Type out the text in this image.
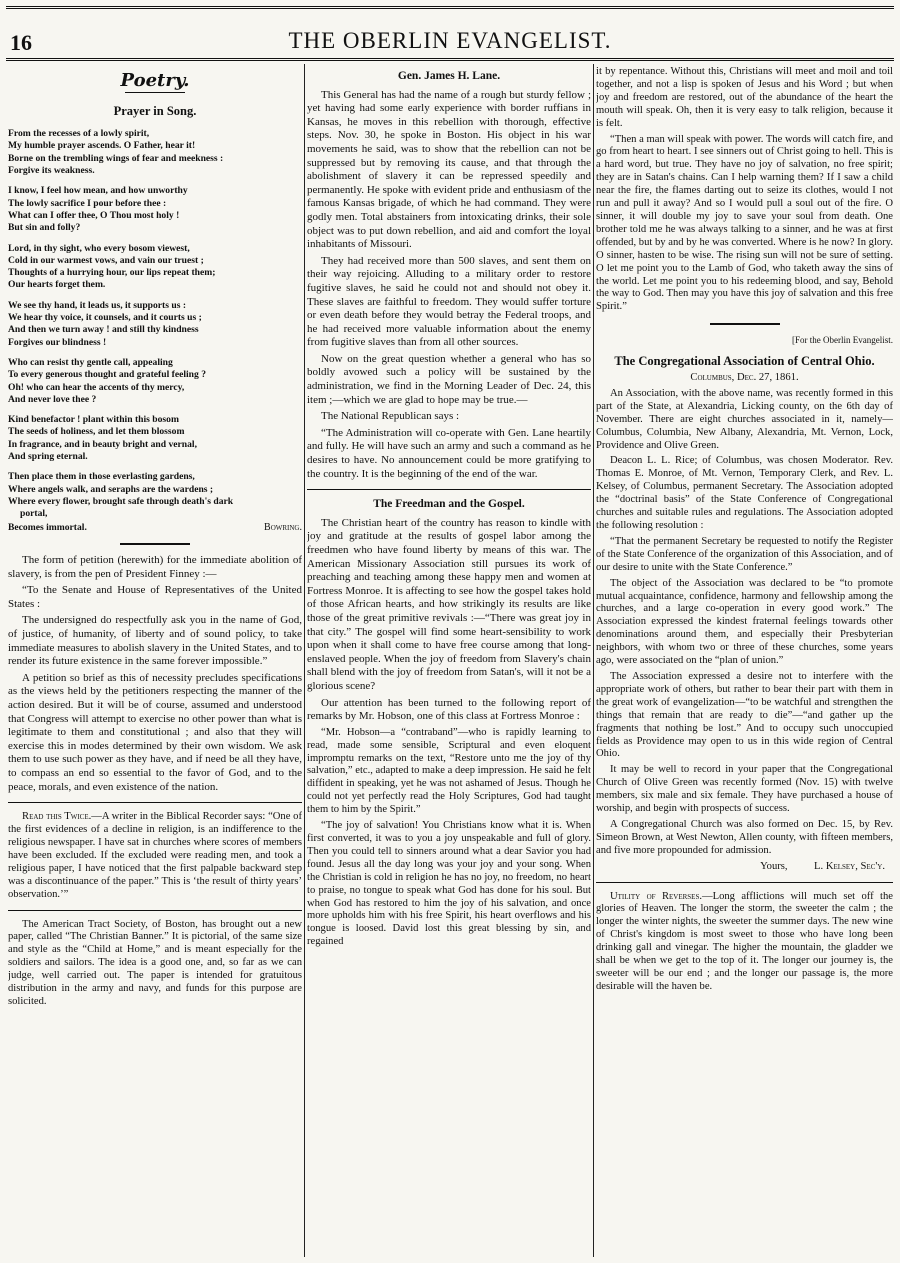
16	THE OBERLIN EVANGELIST.
Poetry.
Prayer in Song.
From the recesses of a lowly spirit,
My humble prayer ascends. O Father, hear it!
Borne on the trembling wings of fear and meekness :
Forgive its weakness.
I know, I feel how mean, and how unworthy
The lowly sacrifice I pour before thee :
What can I offer thee, O Thou most holy !
But sin and folly?
Lord, in thy sight, who every bosom viewest,
Cold in our warmest vows, and vain our truest ;
Thoughts of a hurrying hour, our lips repeat them;
Our hearts forget them.
We see thy hand, it leads us, it supports us :
We hear thy voice, it counsels, and it courts us ;
And then we turn away ! and still thy kindness
Forgives our blindness !
Who can resist thy gentle call, appealing
To every generous thought and grateful feeling ?
Oh! who can hear the accents of thy mercy,
And never love thee ?
Kind benefactor ! plant within this bosom
The seeds of holiness, and let them blossom
In fragrance, and in beauty bright and vernal,
And spring eternal.
Then place them in those everlasting gardens,
Where angels walk, and seraphs are the wardens ;
Where every flower, brought safe through death's dark
portal,
Becomes immortal.	Bowring.

The form of petition (herewith) for the immediate abolition of slavery, is from the pen of President Finney :—

“To the Senate and House of Representatives of the United States :

The undersigned do respectfully ask you in the name of God, of justice, of humanity, of liberty and of sound policy, to take immediate measures to abolish slavery in the United States, and to render its future existence in the same forever impossible.”

A petition so brief as this of necessity precludes specifications as the views held by the petitioners respecting the manner of the action desired. But it will be of course, assumed and understood that Congress will attempt to exercise no other power than what is legitimate to them and constitutional ; and also that they will exercise this in modes determined by their own wisdom. We ask them to use such power as they have, and if need be all they have, to compass an end so essential to the favor of God, and to the peace, morals, and even existence of the nation.

Read this Twice.—A writer in the Biblical Recorder says: “One of the first evidences of a decline in religion, is an indifference to the religious newspaper. I have sat in churches where scores of members have been excluded. If the excluded were reading men, and took a religious paper, I have noticed that the first palpable backward step was a discontinuance of the paper.” This is ‘the result of thirty years’ observation.’”

The American Tract Society, of Boston, has brought out a new paper, called “The Christian Banner.” It is pictorial, of the same size and style as the “Child at Home,” and is meant especially for the soldiers and sailors. The idea is a good one, and, so far as we can judge, well carried out. The paper is intended for gratuitous distribution in the army and navy, and funds for this purpose are solicited.

Gen. James H. Lane.

This General has had the name of a rough but sturdy fellow ; yet having had some early experience with border ruffians in Kansas, he moves in this rebellion with thorough, effective steps. Nov. 30, he spoke in Boston. His object in his war movements he said, was to show that the rebellion can not be suppressed but by removing its cause, and that through the abolishment of slavery it can be repressed speedily and permanently. He spoke with evident pride and enthusiasm of the famous Kansas brigade, of which he had command. They were godly men. Total abstainers from intoxicating drinks, their sole object was to put down rebellion, and aid and comfort the loyal inhabitants of Missouri.

They had received more than 500 slaves, and sent them on their way rejoicing. Alluding to a military order to restore fugitive slaves, he said he could not and should not obey it. These slaves are faithful to freedom. They would suffer torture or even death before they would betray the Federal troops, and he had received more valuable information about the enemy from fugitive slaves than from all other sources.

Now on the great question whether a general who has so boldly avowed such a policy will be sustained by the administration, we find in the Morning Leader of Dec. 24, this item ;—which we are glad to hope may be true.—

The National Republican says :

“The Administration will co-operate with Gen. Lane heartily and fully. He will have such an army and such a command as he desires to have. No announcement could be more gratifying to the country. It is the beginning of the end of the war.

The Freedman and the Gospel.

The Christian heart of the country has reason to kindle with joy and gratitude at the results of gospel labor among the freedmen who have found liberty by means of this war. The American Missionary Association still pursues its work of preaching and teaching among these happy men and women at Fortress Monroe. It is affecting to see how the gospel takes hold of those African hearts, and how strikingly its results are like those of the great primitive revivals :—“There was great joy in that city.” The gospel will find some heart-sensibility to work upon when it shall come to have free course among that long-enslaved people. When the joy of freedom from Slavery's chain shall blend with the joy of freedom from Satan's, will it not be a glorious scene?

Our attention has been turned to the following report of remarks by Mr. Hobson, one of this class at Fortress Monroe :

“Mr. Hobson—a “contraband”—who is rapidly learning to read, made some sensible, Scriptural and even eloquent impromptu remarks on the text, “Restore unto me the joy of thy salvation,” etc., adapted to make a deep impression. He said he felt diffident in speaking, yet he was not ashamed of Jesus. Though he could not yet perfectly read the Holy Scriptures, God had taught them to him by the Spirit.”

“The joy of salvation! You Christians know what it is. When first converted, it was to you a joy unspeakable and full of glory. Then you could tell to sinners around what a dear Savior you had found. Jesus all the day long was your joy and your song. When the Christian is cold in religion he has no joy, no freedom, no heart to praise, no tongue to speak what God has done for his soul. But when God has restored to him the joy of his salvation, and once more upholds him with his free Spirit, his heart overflows and his tongue is loosed. David lost this great blessing by sin, and regained

it by repentance. Without this, Christians will meet and moil and toil together, and not a lisp is spoken of Jesus and his Word ; but when joy and freedom are restored, out of the abundance of the heart the mouth will speak. Oh, then it is very easy to talk religion, because it is felt.

“Then a man will speak with power. The words will catch fire, and go from heart to heart. I see sinners out of Christ going to hell. This is a hard word, but true. They have no joy of salvation, no free spirit; they are in Satan's chains. Can I help warning them? If I saw a child near the fire, the flames darting out to seize its clothes, would I not run and pull it away? And so I would pull a soul out of the fire. O sinner, it will double my joy to save your soul from death. One brother told me he was always talking to a sinner, and he was at first offended, but by and by he was converted. Where is he now? In glory. O sinner, hasten to be wise. The rising sun will not be sure of setting. O let me point you to the Lamb of God, who taketh away the sins of the world. Let me point you to his redeeming blood, and say, Behold the way to God. Then may you have this joy of salvation and this free Spirit.”

[For the Oberlin Evangelist.
The Congregational Association of Central Ohio.
Columbus, Dec. 27, 1861.

An Association, with the above name, was recently formed in this part of the State, at Alexandria, Licking county, on the 6th day of November. There are eight churches associated in it, namely—Columbus, Columbia, New Albany, Alexandria, Mt. Vernon, Lock, Providence and Olive Green.

Deacon L. L. Rice; of Columbus, was chosen Moderator. Rev. Thomas E. Monroe, of Mt. Vernon, Temporary Clerk, and Rev. L. Kelsey, of Columbus, permanent Secretary. The Association adopted the “doctrinal basis” of the State Conference of Congregational churches and suitable rules and regulations. The Association adopted the following resolution :

“That the permanent Secretary be requested to notify the Register of the State Conference of the organization of this Association, and of our desire to unite with the State Conference.”

The object of the Association was declared to be “to promote mutual acquaintance, confidence, harmony and fellowship among the churches, and a large co-operation in every good work.” The Association expressed the kindest fraternal feelings towards other denominations around them, and especially their Presbyterian neighbors, with whom two or three of these churches, some years ago, were associated on the “plan of union.”

The Association expressed a desire not to interfere with the appropriate work of others, but rather to bear their part with them in the great work of evangelization—“to be watchful and strengthen the things that remain that are ready to die”—“and gather up the fragments that nothing be lost.” And to occupy such unoccupied fields as Providence may open to us in this wide region of Central Ohio.

It may be well to record in your paper that the Congregational Church of Olive Green was recently formed (Nov. 15) with twelve members, six male and six female. They have purchased a house of worship, and begin with prospects of success.

A Congregational Church was also formed on Dec. 15, by Rev. Simeon Brown, at West Newton, Allen county, with fifteen members, and five more propounded for admission.

Yours, L. Kelsey, Sec'y.

Utility of Reverses.—Long afflictions will much set off the glories of Heaven. The longer the storm, the sweeter the calm ; the longer the winter nights, the sweeter the summer days. The new wine of Christ's kingdom is most sweet to those who have long been drinking gall and vinegar. The higher the mountain, the gladder we shall be when we get to the top of it. The longer our journey is, the sweeter will be our end ; and the longer our passage is, the more desirable will the haven be.
